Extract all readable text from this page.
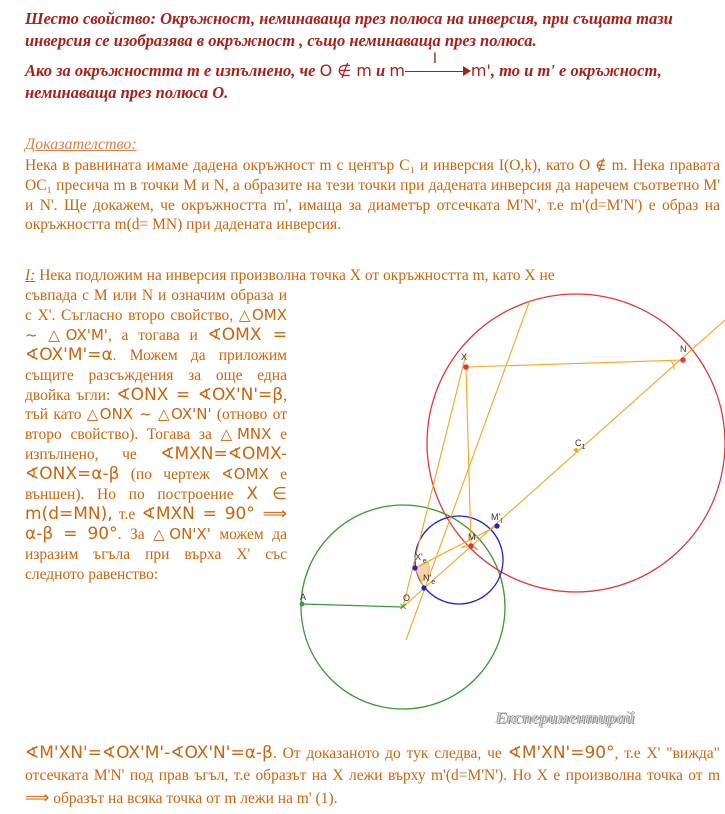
Шесто свойство: Окръжност, неминаваща през полюса на инверсия, при същата тази инверсия се изобразява в окръжност , също неминаваща през полюса.
Ако за окръжността m е изпълнено, че O ∉ m и m
I
m', то и m' е окръжност, неминаваща през полюса O.
Доказателство:
Нека в равнината имаме дадена окръжност m с център C₁ и инверсия I(O,k), като O ∉ m. Нека правата OC₁ пресича m в точки M и N, а образите на тези точки при дадената инверсия да наречем съответно M' и N'. Ще докажем, че окръжността m', имаща за диаметър отсечката M'N', т.е m'(d=M'N') е образ на окръжността m(d= MN) при дадената инверсия.
I: Нека подложим на инверсия произволна точка X от окръжността m, като X не
съвпада с M или N и означим образа и с X'. Съгласно второ свойство, △OMX ~ △OX'M', а тогава и ∢OMX = ∢OX'M'=α. Можем да приложим същите разсъждения за още една двойка ъгли: ∢ONX = ∢OX'N'=β, тъй като △ONX ~ △OX'N' (отново от второ свойство). Тогава за △MNX е изпълнено, че ∢MXN=∢OMX-∢ONX=α-β (по чертеж ∢OMX е външен). Но по построение X ∈ m(d=MN), т.е ∢MXN = 90° ⟹ α-β = 90°. За △ON'X' можем да изразим ъгъла при върха X' със следното равенство:
✕
X
N
$C_1$
M
$M'_I$
$X'_e$
$N'_e$
O
A
Експериментирай
∢M'XN'=∢OX'M'-∢OX'N'=α-β. От доказаното до тук следва, че ∢M'XN'=90°, т.е X' "вижда" отсечката M'N' под прав ъгъл, т.е образът на X лежи върху m'(d=M'N'). Но X е произволна точка от m ⟹ образът на всяка точка от m лежи на m' (1).
